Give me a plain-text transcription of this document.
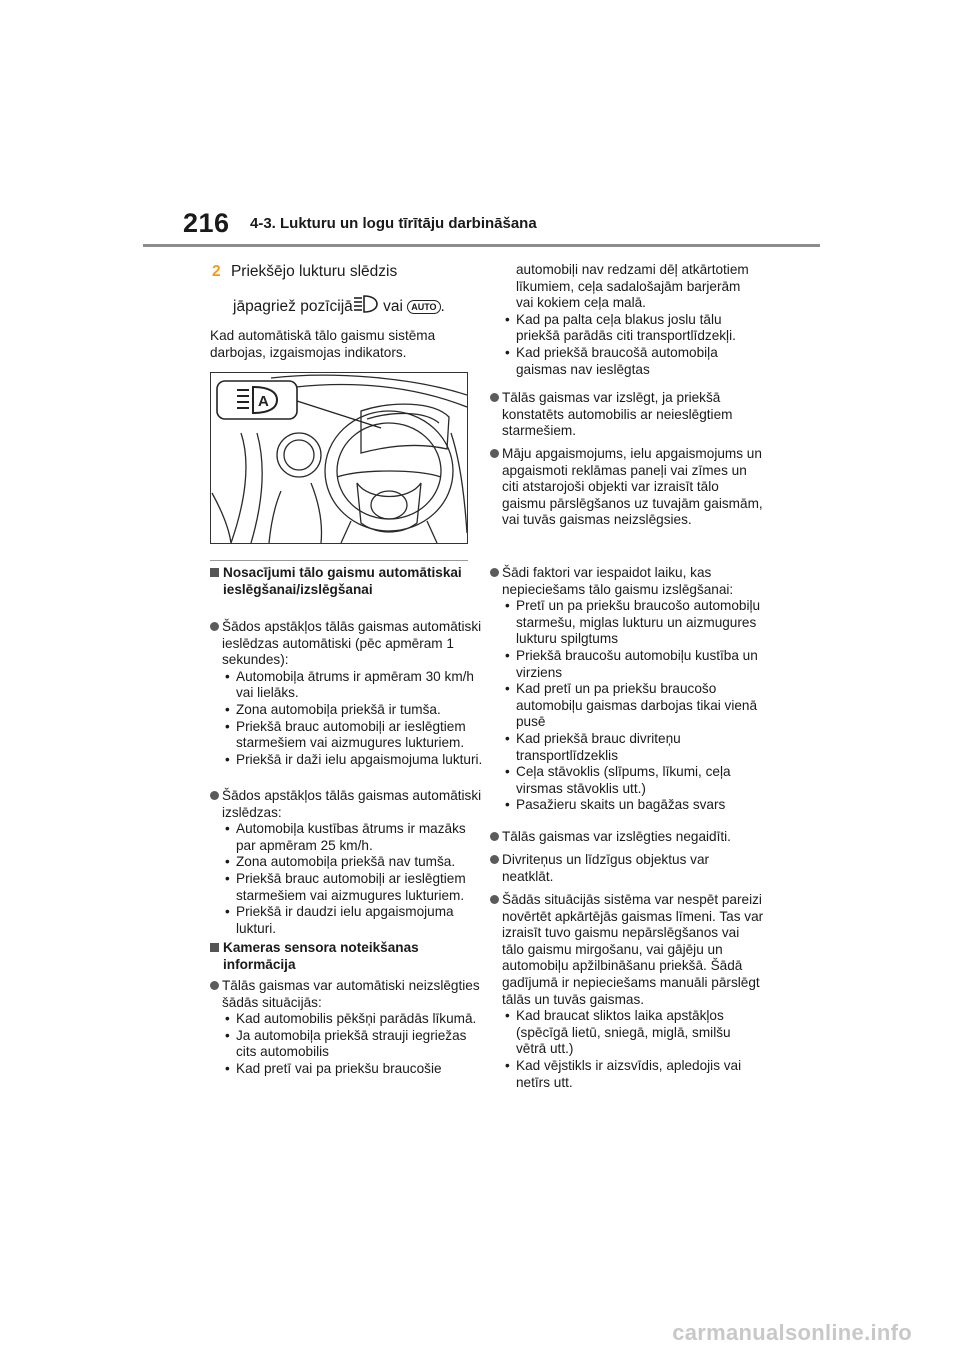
216 4-3. Lukturu un logu tīrītāju darbināšana
2 Priekšējo lukturu slēdzis
jāpagriež pozīcijā vai AUTO .
Kad automātiskā tālo gaismu sistēma darbojas, izgaismojas indikators.
A
Nosacījumi tālo gaismu automātiskai ieslēgšanai/izslēgšanai
Šādos apstākļos tālās gaismas automātiski ieslēdzas automātiski (pēc apmēram 1 sekundes):
• Automobiļa ātrums ir apmēram 30 km/h vai lielāks.
• Zona automobiļa priekšā ir tumša.
• Priekšā brauc automobiļi ar ieslēgtiem starmešiem vai aizmugures lukturiem.
• Priekšā ir daži ielu apgaismojuma lukturi.
Šādos apstākļos tālās gaismas automātiski izslēdzas:
• Automobiļa kustības ātrums ir mazāks par apmēram 25 km/h.
• Zona automobiļa priekšā nav tumša.
• Priekšā brauc automobiļi ar ieslēgtiem starmešiem vai aizmugures lukturiem.
• Priekšā ir daudzi ielu apgaismojuma lukturi.
Kameras sensora noteikšanas informācija
Tālās gaismas var automātiski neizslēgties šādās situācijās:
• Kad automobilis pēkšņi parādās līkumā.
• Ja automobiļa priekšā strauji iegriežas cits automobilis
• Kad pretī vai pa priekšu braucošie
automobiļi nav redzami dēļ atkārtotiem līkumiem, ceļa sadalošajām barjerām vai kokiem ceļa malā.
• Kad pa palta ceļa blakus joslu tālu priekšā parādās citi transportlīdzekļi.
• Kad priekšā braucošā automobiļa gaismas nav ieslēgtas
Tālās gaismas var izslēgt, ja priekšā konstatēts automobilis ar neieslēgtiem starmešiem.
Māju apgaismojums, ielu apgaismojums un apgaismoti reklāmas paneļi vai zīmes un citi atstarojoši objekti var izraisīt tālo gaismu pārslēgšanos uz tuvajām gaismām, vai tuvās gaismas neizslēgsies.
Šādi faktori var iespaidot laiku, kas nepieciešams tālo gaismu izslēgšanai:
• Pretī un pa priekšu braucošo automobiļu starmešu, miglas lukturu un aizmugures lukturu spilgtums
• Priekšā braucošu automobiļu kustība un virziens
• Kad pretī un pa priekšu braucošo automobiļu gaismas darbojas tikai vienā pusē
• Kad priekšā brauc divriteņu transportlīdzeklis
• Ceļa stāvoklis (slīpums, līkumi, ceļa virsmas stāvoklis utt.)
• Pasažieru skaits un bagāžas svars
Tālās gaismas var izslēgties negaidīti.
Divriteņus un līdzīgus objektus var neatklāt.
Šādās situācijās sistēma var nespēt pareizi novērtēt apkārtējās gaismas līmeni. Tas var izraisīt tuvo gaismu nepārslēgšanos vai tālo gaismu mirgošanu, vai gājēju un automobiļu apžilbināšanu priekšā. Šādā gadījumā ir nepieciešams manuāli pārslēgt tālās un tuvās gaismas.
• Kad braucat sliktos laika apstākļos (spēcīgā lietū, sniegā, miglā, smilšu vētrā utt.)
• Kad vējstikls ir aizsvīdis, apledojis vai netīrs utt.
carmanualsonline.info
